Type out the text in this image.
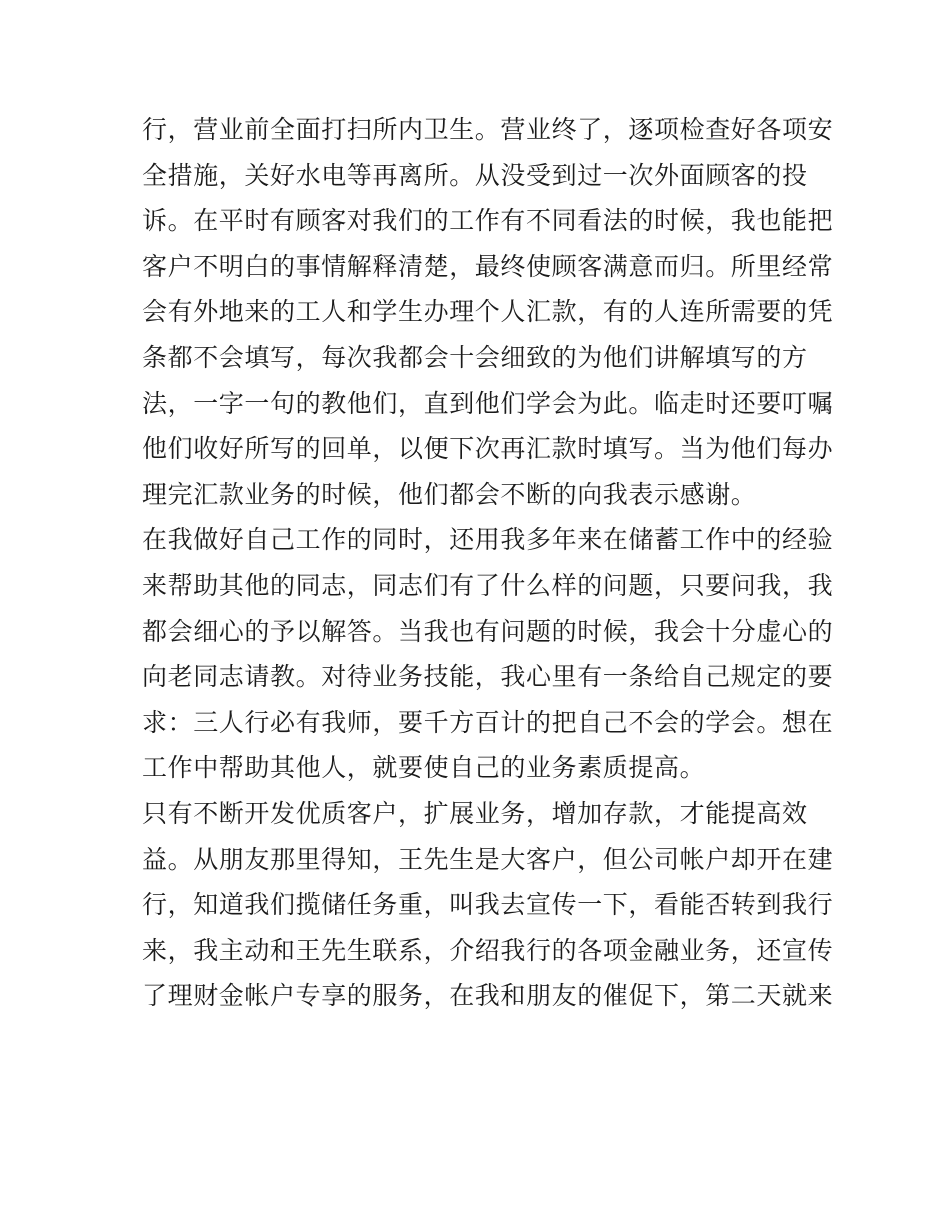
行，营业前全面打扫所内卫生。营业终了，逐项检查好各项安
全措施，关好水电等再离所。从没受到过一次外面顾客的投
诉。在平时有顾客对我们的工作有不同看法的时候，我也能把
客户不明白的事情解释清楚，最终使顾客满意而归。所里经常
会有外地来的工人和学生办理个人汇款，有的人连所需要的凭
条都不会填写，每次我都会十会细致的为他们讲解填写的方
法，一字一句的教他们，直到他们学会为此。临走时还要叮嘱
他们收好所写的回单，以便下次再汇款时填写。当为他们每办
理完汇款业务的时候，他们都会不断的向我表示感谢。
在我做好自己工作的同时，还用我多年来在储蓄工作中的经验
来帮助其他的同志，同志们有了什么样的问题，只要问我，我
都会细心的予以解答。当我也有问题的时候，我会十分虚心的
向老同志请教。对待业务技能，我心里有一条给自己规定的要
求：三人行必有我师，要千方百计的把自己不会的学会。想在
工作中帮助其他人，就要使自己的业务素质提高。
只有不断开发优质客户，扩展业务，增加存款，才能提高效
益。从朋友那里得知，王先生是大客户，但公司帐户却开在建
行，知道我们揽储任务重，叫我去宣传一下，看能否转到我行
来，我主动和王先生联系，介绍我行的各项金融业务，还宣传
了理财金帐户专享的服务，在我和朋友的催促下，第二天就来
